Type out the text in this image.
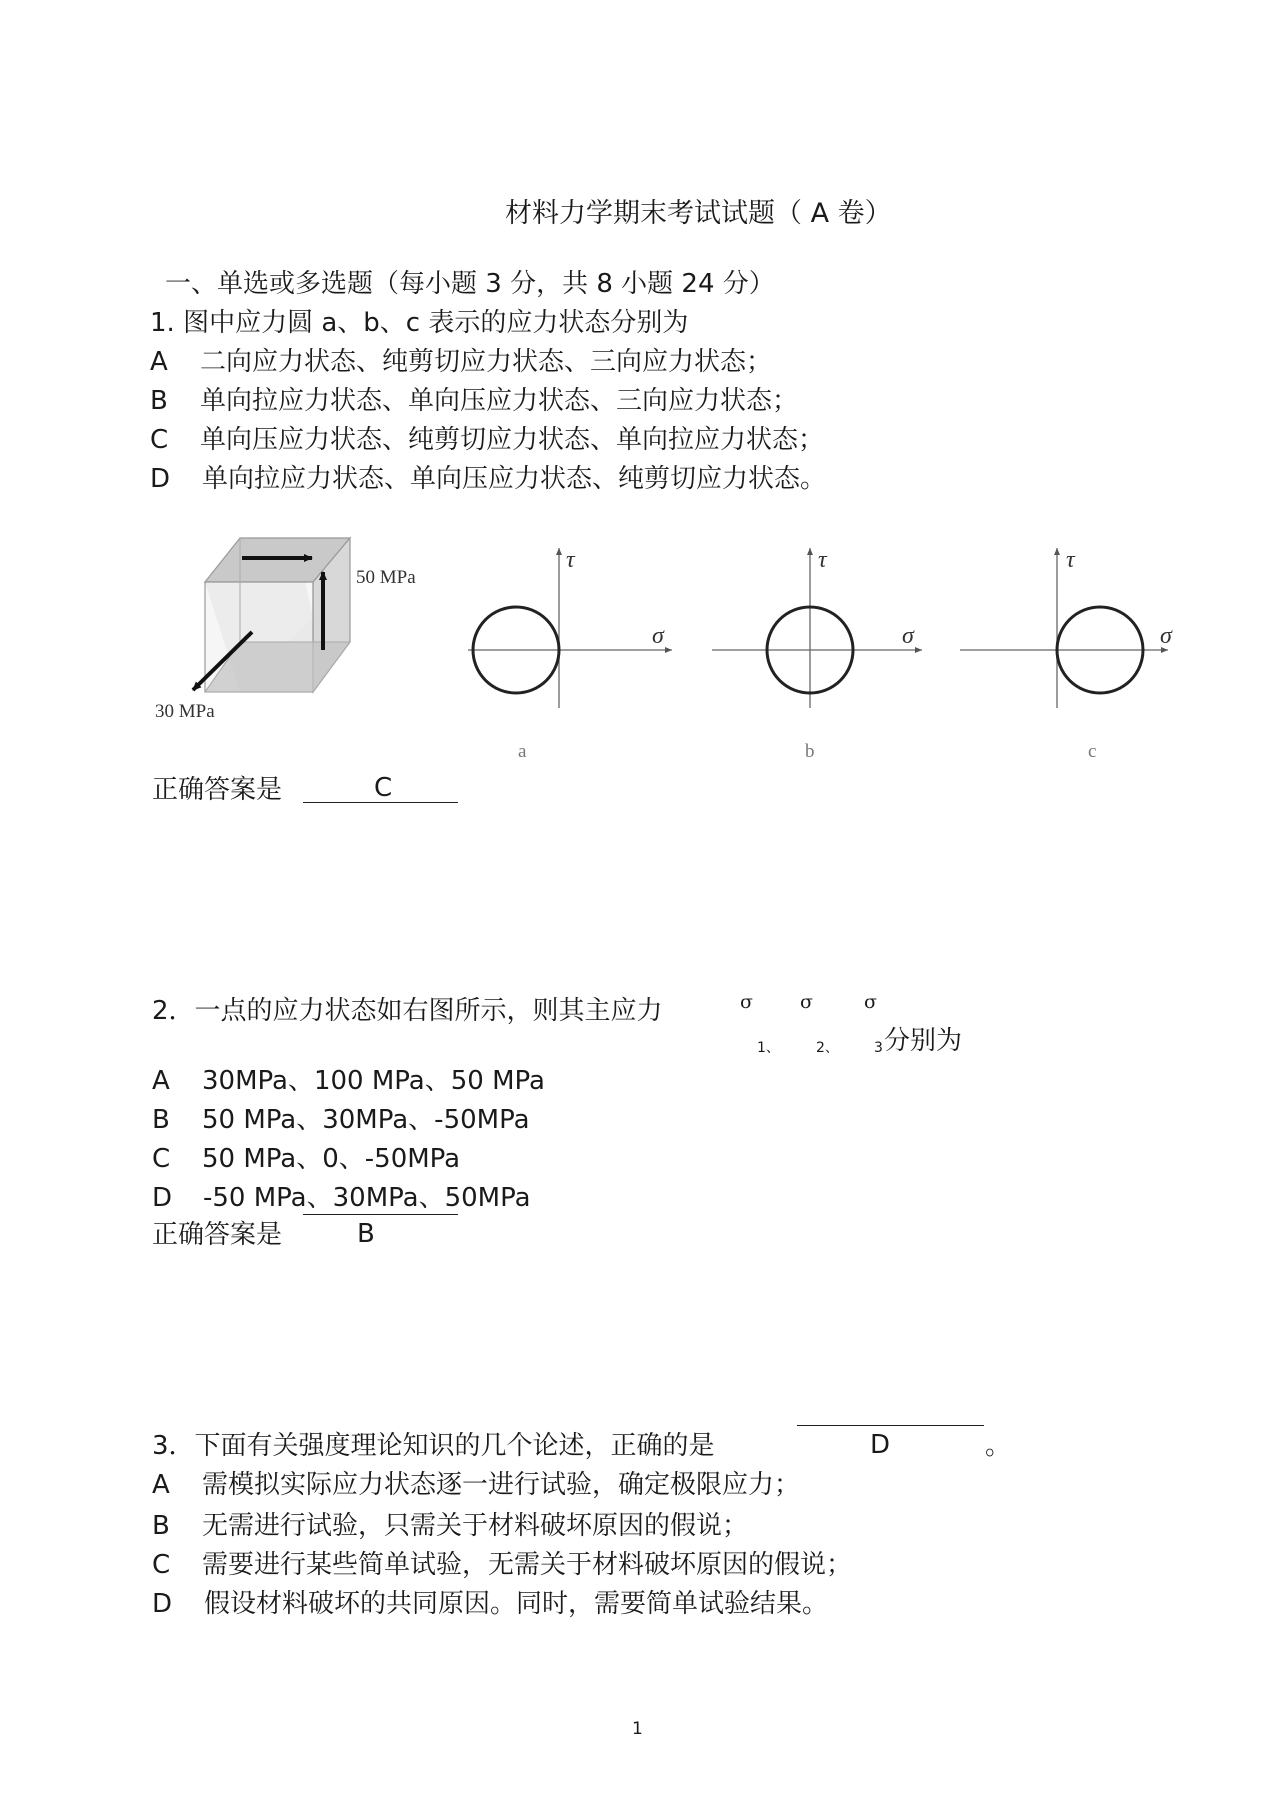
材料力学期末考试试题（ A 卷）
一、单选或多选题（每小题 3 分，共 8 小题 24 分）
1. 图中应力圆 a、b、c 表示的应力状态分别为
A 二向应力状态、纯剪切应力状态、三向应力状态；
B 单向拉应力状态、单向压应力状态、三向应力状态；
C 单向压应力状态、纯剪切应力状态、单向拉应力状态；
D 单向拉应力状态、单向压应力状态、纯剪切应力状态。
50 MPa
30 MPa
τ
σ
a
τ
σ
b
τ
σ
c
正确答案是	C
2．一点的应力状态如右图所示，则其主应力	σ σ	σ
1、	2、	3 分别为
A 30MPa、100 MPa、50 MPa
B 50 MPa、30MPa、-50MPa
C 50 MPa、0、-50MPa
D -50 MPa、30MPa、50MPa
正确答案是	B
3．下面有关强度理论知识的几个论述，正确的是	D	。
A 需模拟实际应力状态逐一进行试验，确定极限应力；
B 无需进行试验，只需关于材料破坏原因的假说；
C 需要进行某些简单试验，无需关于材料破坏原因的假说；
D 假设材料破坏的共同原因。同时，需要简单试验结果。
1
